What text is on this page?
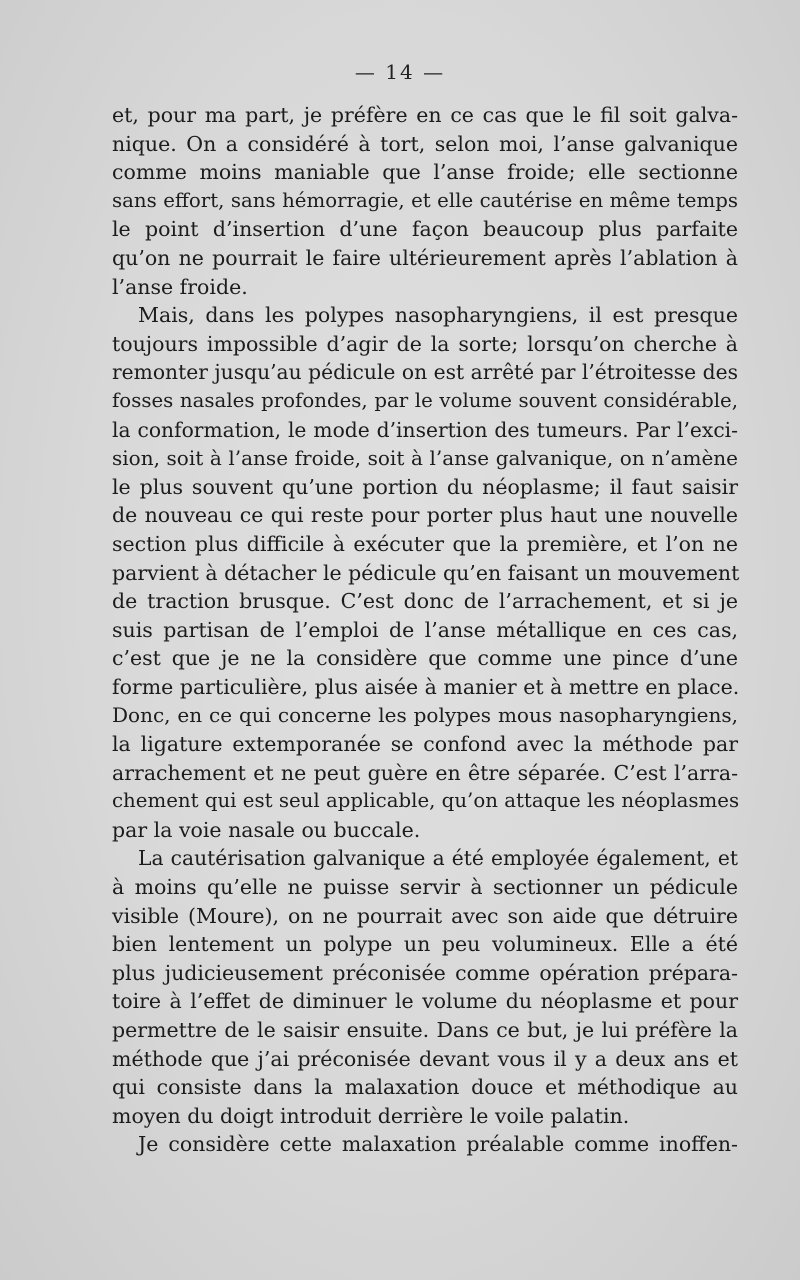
— 14 —
et, pour ma part, je préfère en ce cas que le fil soit galva-
nique. On a considéré à tort, selon moi, l’anse galvanique
comme moins maniable que l’anse froide; elle sectionne
sans effort, sans hémorragie, et elle cautérise en même temps
le point d’insertion d’une façon beaucoup plus parfaite
qu’on ne pourrait le faire ultérieurement après l’ablation à
l’anse froide.
Mais, dans les polypes nasopharyngiens, il est presque
toujours impossible d’agir de la sorte; lorsqu’on cherche à
remonter jusqu’au pédicule on est arrêté par l’étroitesse des
fosses nasales profondes, par le volume souvent considérable,
la conformation, le mode d’insertion des tumeurs. Par l’exci-
sion, soit à l’anse froide, soit à l’anse galvanique, on n’amène
le plus souvent qu’une portion du néoplasme; il faut saisir
de nouveau ce qui reste pour porter plus haut une nouvelle
section plus difficile à exécuter que la première, et l’on ne
parvient à détacher le pédicule qu’en faisant un mouvement
de traction brusque. C’est donc de l’arrachement, et si je
suis partisan de l’emploi de l’anse métallique en ces cas,
c’est que je ne la considère que comme une pince d’une
forme particulière, plus aisée à manier et à mettre en place.
Donc, en ce qui concerne les polypes mous nasopharyngiens,
la ligature extemporanée se confond avec la méthode par
arrachement et ne peut guère en être séparée. C’est l’arra-
chement qui est seul applicable, qu’on attaque les néoplasmes
par la voie nasale ou buccale.
La cautérisation galvanique a été employée également, et
à moins qu’elle ne puisse servir à sectionner un pédicule
visible (Moure), on ne pourrait avec son aide que détruire
bien lentement un polype un peu volumineux. Elle a été
plus judicieusement préconisée comme opération prépara-
toire à l’effet de diminuer le volume du néoplasme et pour
permettre de le saisir ensuite. Dans ce but, je lui préfère la
méthode que j’ai préconisée devant vous il y a deux ans et
qui consiste dans la malaxation douce et méthodique au
moyen du doigt introduit derrière le voile palatin.
Je considère cette malaxation préalable comme inoffen-
